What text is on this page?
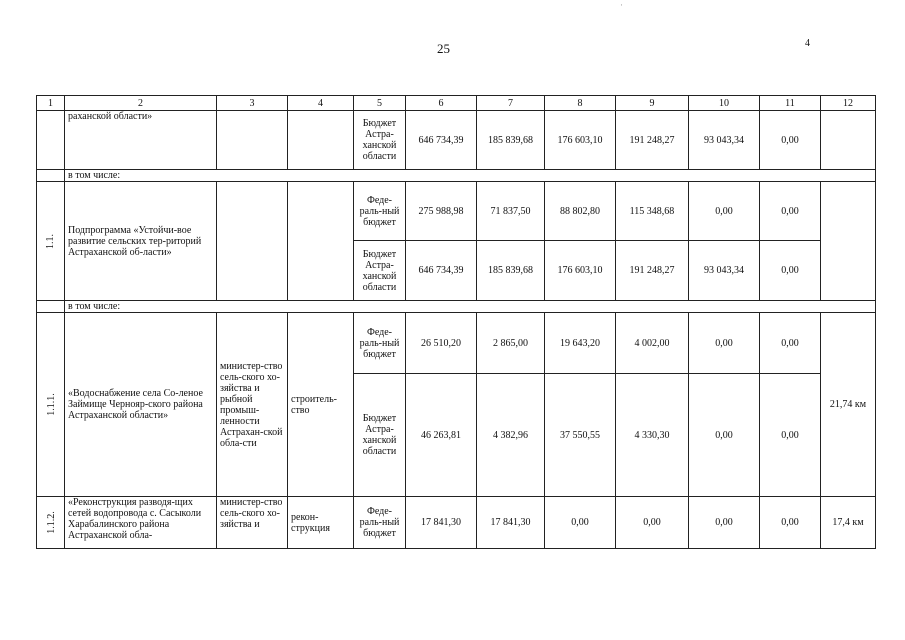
·
25	4
1	2	3	4	5	6	7	8	9	10	11	12
	раханской области»			Бюджет Астра-ханской области	646 734,39	185 839,68	176 603,10	191 248,27	93 043,34	0,00	
	в том числе:										
1.1.	Подпрограмма «Устойчи-вое развитие сельских тер-риторий Астраханской об-ласти»			Феде-раль-ный бюджет	275 988,98	71 837,50	88 802,80	115 348,68	0,00	0,00	
				Бюджет Астра-ханской области	646 734,39	185 839,68	176 603,10	191 248,27	93 043,34	0,00	
	в том числе:										
1.1.1.	«Водоснабжение села Со-леное Займище Чернояр-ского района Астраханской области»	министер-ство сель-ского хо-зяйства и рыбной промыш-ленности Астрахан-ской обла-сти	строитель-ство	Феде-раль-ный бюджет	26 510,20	2 865,00	19 643,20	4 002,00	0,00	0,00	21,74 км
				Бюджет Астра-ханской области	46 263,81	4 382,96	37 550,55	4 330,30	0,00	0,00	
1.1.2.	«Реконструкция разводя-щих сетей водопровода с. Сасыколи Харабалинского района Астраханской обла-	министер-ство сель-ского хо-зяйства и	рекон-струкция	Феде-раль-ный бюджет	17 841,30	17 841,30	0,00	0,00	0,00	0,00	17,4 км
